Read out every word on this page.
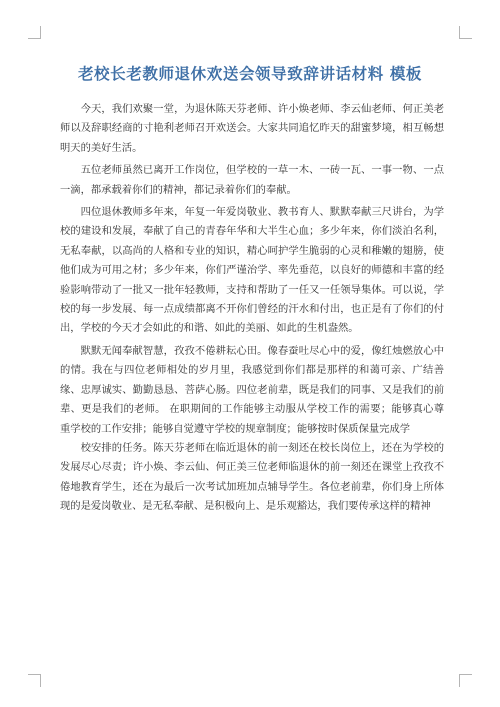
老校长老教师退休欢送会领导致辞讲话材料 模板

今天，我们欢聚一堂，为退休陈天芬老师、许小焕老师、李云仙老师、何正美老师以及辞职经商的寸艳利老师召开欢送会。大家共同追忆昨天的甜蜜梦境，相互畅想明天的美好生活。

五位老师虽然已离开工作岗位，但学校的一草一木、一砖一瓦、一事一物、一点一滴，都承载着你们的精神，都记录着你们的奉献。

四位退休教师多年来，年复一年爱岗敬业、教书育人、默默奉献三尺讲台，为学校的建设和发展，奉献了自己的青春年华和大半生心血；多少年来，你们淡泊名利，无私奉献，以高尚的人格和专业的知识，精心呵护学生脆弱的心灵和稚嫩的翅膀，使他们成为可用之材；多少年来，你们严谨治学、率先垂范，以良好的师德和丰富的经验影响带动了一批又一批年轻教师，支持和帮助了一任又一任领导集体。可以说，学校的每一步发展、每一点成绩都离不开你们曾经的汗水和付出，也正是有了你们的付出，学校的今天才会如此的和谐、如此的美丽、如此的生机盎然。

默默无闻奉献智慧，孜孜不倦耕耘心田。像春蚕吐尽心中的爱，像红烛燃放心中的情。我在与四位老师相处的岁月里，我感觉到你们都是那样的和蔼可亲、广结善缘、忠厚诚实、勤勤恳恳、菩萨心肠。四位老前辈，既是我们的同事、又是我们的前辈、更是我们的老师。 在职期间的工作能够主动服从学校工作的需要；能够真心尊重学校的工作安排；能够自觉遵守学校的规章制度；能够按时保质保量完成学

校安排的任务。陈天芬老师在临近退休的前一刻还在校长岗位上，还在为学校的发展尽心尽责；许小焕、李云仙、何正美三位老师临退休的前一刻还在课堂上孜孜不倦地教育学生，还在为最后一次考试加班加点辅导学生。各位老前辈，你们身上所体现的是爱岗敬业、是无私奉献、是积极向上、是乐观豁达，我们要传承这样的精神
